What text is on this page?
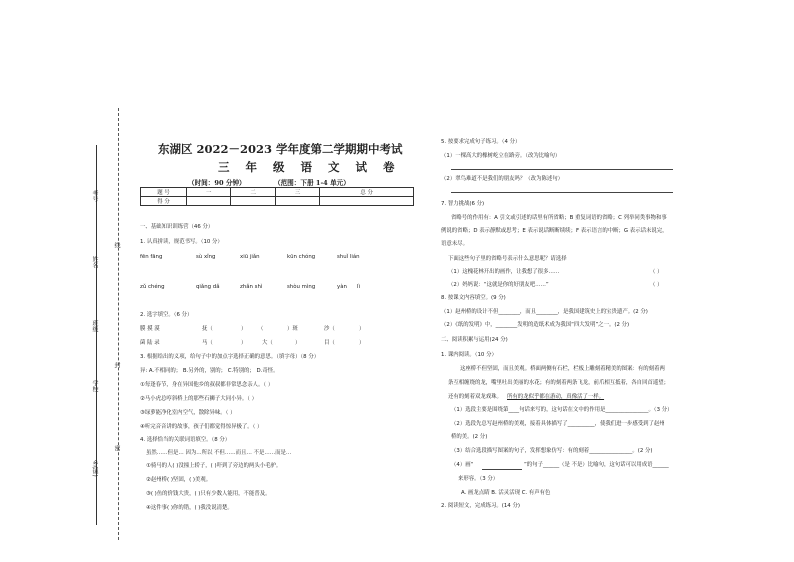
考号
姓名
班级
学校
乡(镇)
线
封
密
东湖区 2022－2023 学年度第二学期期中考试
三 年 级 语 文 试 卷
（时间：90 分钟）	（范围：下册 1-4 单元）
题 号	一	二	三	总 分
得 分				
一、基础知识训练营（46 分）
1. 认真拼读，规范书写。（10 分）
fēn fāng	sù xǐng	xiū jiǎn	kūn chóng	shuǐ lián
zǔ chéng	qiǎng dǎ	zhǎn shì	shòu mìng	yàn lì
2. 选字填空。（6 分）
膜 摸 漠	抚（	） （	）斑	沙（	）
菌 陆 录	马（	）	大（	）	目（	）
3. 根据给出的义项，给句子中的加点字选择正确的意思。（填字母）（8 分）
异: A.不相同的； B.另外的，别的； C.特别的； D.奇怪。
①每逢春节，身在异国他乡的叔叔都非常思念亲人。（ ）
②马小虎总哼斜桥上的那些石狮子大同小异。（ ）
③绿萝能净化室内空气，散除异味。（ ）
④听完音音讲的故事，孩子们都觉得惊异极了。（ ）
4. 选择恰当的关联词语填空。（8 分）
虽然……但是… 因为…所以 不但……而且… 不是……而是…
①骑马的人( )没撞上轿子，( )吓到了旁边的两头小毛驴。
②赵州桥( )坚固，( )美观。
③( )鱼的价钱大贵，( )只有少数人能用，不能普及。
④这件事( )你的错，( )我没说清楚。
5. 按要求完成句子练习。（4 分）
（1）一棵高大的橡树屹立在路旁。（改为比喻句）
（2）翠鸟难道不是我们的朋友吗？（改为陈述句）
7. 智力挑战(6 分)
省略号的作用有：A 引文或引述的话里有所省略；B 重复词语的省略；C 列举同类事物和事
例说的省略；D 表示静默或思考；E 表示说话断断续续；F 表示语言的中断；G 表示话未说完，
语意未尽。
下面这些句子里的省略号表示什么意思呢？请选择
（1）这槐花林开出的画作，让我想了很多……	（ ）
（2）妈妈说：“这就是你的好朋友吧……”	（ ）
8. 按课文内容填空。(9 分)
（1）赵州桥的设计不但________，而且________，是我国建筑史上的宝贵遗产。(2 分)
（2）《纸的发明》中，________发明的造纸术成为我国“四大发明”之一。(2 分)
二、阅读积累与运用(24 分)
1. 课内阅读。（10 分）
这座桥不但坚固，而且美观。桥面两侧有石栏，栏板上雕刻着精美的图案：有的刻着两
条互相缠绕的龙，嘴里吐出美丽的水花；有的刻着两条飞龙，前爪相互抵着，各自回首遥望；
还有的刻着双龙戏珠。 所有的龙似乎都在游动，真像活了一样。
（1）选段主要是围绕第____句话来写的，这句话在文中的作用是________________。（3 分）
（2）选段先总写赵州桥的美观，接着具体描写了__________，使我们进一步感受到了赵州
桥的美。(2 分)
（3）结合选段描写图案的句子，发挥想象仿写：有的刻着________________。(2 分)
（4）画“	”的句子______（是 不是）比喻句，这句话可以用成语______
来形容。（3 分）
A. 画龙点睛 B. 活灵活现 C. 有声有色
2. 阅读短文，完成练习。(14 分)
